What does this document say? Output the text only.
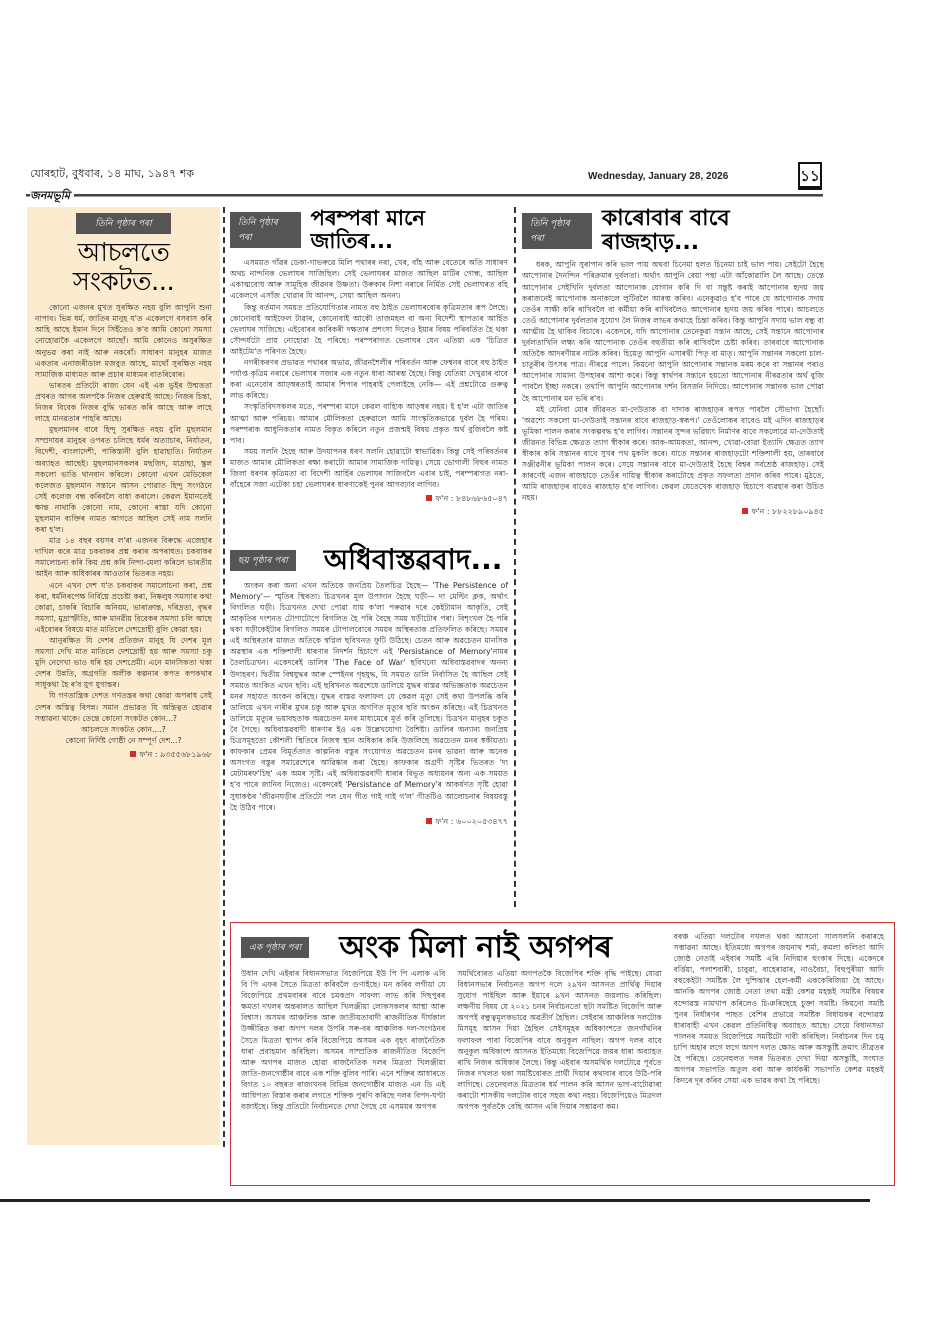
যোৰহাট, বুধবাৰ, ১৪ মাঘ, ১৯৪৭ শক	Wednesday, January 28, 2026	১১
জনমভূমি
তিনি পৃষ্ঠাৰ পৰা
আচলতে সংকটত...

কোনো এজনৰ মুখত সুৰক্ষিত নহয় বুলি আপুনি শুনা নাপাব। ভিন্ন ধৰ্ম, জাতিৰ মানুহ য'ত একেলগে বসবাস কৰি আহি আছে ইমান দিনে সিইঁতেও ক'ব আমি কোনো সমস্যা নোহোৱাকৈ একেলগে আছোঁ। আমি কোনেও অসুৰক্ষিত অনুভৱ কৰা নাই আৰু নকৰোঁ। সাধাৰণ মানুহৰ মাজত একতাৰ এনাজৰীডাল মজবুত আছে, মাথোঁ সুৰক্ষিত নহয় সামাজিক মাধ্যমত আৰু প্ৰচাৰ মাধ্যমৰ বাতৰিবোৰ।

ভাৰতৰ প্ৰতিটো ৰাজ্য যেন এই এক ভুইৰ উন্মত্ততা প্ৰখৰত আগৰ অলপকৈ নিজৰ হেৰুৱাই আছে। নিজৰ চিন্তা, নিজৰ বিবেক নিজৰ বুদ্ধি ভাৰত কৰি আছে আৰু লাহে লাহে মানৱতাৰ পাহৰি আছে।

মুছলমানৰ বাবে হিন্দু সুৰক্ষিত নহয় বুলি মুছলমান সম্প্ৰদায়ৰ মানুহৰ ওপৰত চলিছে ধৰ্মৰ অত্যাচাৰ, নিৰ্যাতন, বিদেশী, বাংলাদেশী, পাকিস্তানী বুলি হাৱাহাতি। নিৰ্যাতন অব্যাহত আছেই। মুছলমানসকলৰ মছজিদ, মাদ্ৰাছা, স্কুল সকলো ভাঙি থানবান কৰিলে। কোনো এখন মেডিকেল কলেজত মুছলমান সন্তানে আসন পোৱাত হিন্দু সংগঠনে সেই কলেজ বন্ধ কৰিবলৈ বাধা কৰালে। কেৱল ইমানতেই ক্ষান্ত নাথাকি কোনো নাম, কোনো ৰাস্তা যদি কোনো মুছলমান ব্যক্তিৰ নামত আগতে আছিল সেই নাম সলনি কৰা হ'ল।

মাত্ৰ ১৪ বছৰ বয়সৰ ল'ৰা এজনৰ বিৰুদ্ধে এজেহাৰ দাখিল কৰে মাত্ৰ চকবাকৰ প্ৰশ্ন কৰাৰ অপৰাধত। চকবাকৰ সমালোচনা কৰি কিয় প্ৰশ্ন কৰি নিন্দা-মেলা কৰিলে ভাৰতীয় আইন আৰু অধিকাৰৰ আওতাৰ ভিতৰত নহয়।

এনে এখন দেশ য'ত চকবাকৰ সমালোচনা কৰা, প্ৰশ্ন কৰা, ধৰ্মনিৰপেক্ষ নিৰ্বিঘ্নে প্ৰচেষ্টা কৰা, নিষ্কলুষ সমস্যাৰ কথা কোৱা, চাকৰি বিচাৰি অনিয়ম, ভাৰাক্ৰান্ত, দৰিদ্ৰতা, বৃদ্ধৰ সমস্যা, মুদ্ৰাস্ফীতি, আৰু মানৱীয় বিবেকৰ সমস্যা চলি আছে এইবোৰৰ বিষয়ে মাত মাতিলে দেশদ্ৰোহী বুলি কোৱা হয়।

আনুৰক্ষিত যি দেশৰ প্ৰতিজন মানুহ যি দেশৰ মূল সমস্যা দেখি মাত মাতিলে দেশদ্ৰোহী হয় আৰু সমস্যা চকু মুদি নেদেখা ভাও ধৰি হয় দেশপ্ৰেমী। এনে মানসিকতা থকা দেশৰ উন্নতি, অগ্ৰগতি অলীক কল্পনাৰ কপত কপকথাৰ সাধুকথা হৈ ৰ'ব যুগ যুগান্তৰ।

যি গণতান্ত্ৰিক দেশত গণতন্ত্ৰৰ কথা কোৱা অপৰাধ সেই দেশৰ অস্তিত্ব বিপন্ন। সমান প্ৰভাৱত যি অন্তিত্বত হোৱাৰ সম্ভাৱনা থাকে। তেন্তে কোনো সংকটত কোন...?

আচলতে সংকটত কোন....?

কোনো নিৰ্দিষ্ট গোষ্ঠী নে সম্পূৰ্ণ দেশ...?

ফ'ন : ৯৩৫৫৬৮১৯৬৮
তিনি পৃষ্ঠাৰ পৰা
পৰম্পৰা মানে জাতিৰ...

এসময়ত গাঁৱৰ ডেকা-গাভৰুৱে মিলি পথাৰৰ নৰা, খেৰ, বাঁহ আৰু বেতেৰে অতি সাধাৰণ অথচ নান্দনিক ভেলাঘৰ সাজিছিল। সেই ভেলাঘৰৰ মাজত আছিল মাটিৰ গোন্ধ, আছিল একাত্মবোধ আৰু সামূহিক জীৱনৰ উষ্ণতা। উৰুকাৰ নিশা নৰাৰে নিৰ্মিত সেই ভেলাঘৰত বহি একেলগে এসাঁজ খোৱাৰ যি আনন্দ, সেয়া আছিল অনন্য।

কিন্তু বৰ্তমান সময়ত প্ৰতিযোগিতাৰ নামত বহু ঠাইত ভেলাঘৰবোৰ কৃত্ৰিমতাৰ ৰূপ লৈছে। কোনোবাই আইফেল টাৱাৰ, কোনোবাই আকৌ তাজমহল বা অন্য বিদেশী স্থাপত্যৰ আৰ্হিত ভেলাঘৰ সাজিছে। এইবোৰৰ কাৰিকৰী দক্ষতাৰ প্ৰশংসা দিলেও ইয়াৰ বিষয় পৰিবৰ্তিত হৈ থকা সৌন্দৰ্যটো প্ৰায় নোহোৱা হৈ পৰিছে। পৰম্পৰাগত ভেলাঘৰ যেন এতিয়া এক 'চিত্ৰিত আইটেম'ত পৰিণত হৈছে।

নগৰীকৰণৰ প্ৰভাৱত পথাৰৰ অভাৱ, জীৱনশৈলীৰ পৰিবৰ্তন আৰু ফেশ্বনৰ বাবে বহু ঠাইত পৰ্যাপ্ত কৃত্ৰিম নৰাৰে ভেলাঘৰ সজাৰ এক নতুন ধাৰা আৰম্ভ হৈছে। কিন্তু যেতিয়া দেখুৱাৰ বাবে কৰা এনেবোৰ আড়ম্বৰতাই আমাৰ শিপাৰ পাহৰাই পেলাইছে নেকি— এই প্ৰশ্নটোৱে গুৰুত্ব লাভ কৰিছে।

সংস্কৃতিবিদসকলৰ মতে, পৰম্পৰা মানে কেৱল বাহ্যিক আড়ম্বৰ নহয়। ই হ'ল এটা জাতিৰ আত্মা আৰু পৰিচয়। আমাৰ মৌলিকতা হেৰুৱালে আমি সাংস্কৃতিকভাৱে দুৰ্বল হৈ পৰিম। পৰম্পৰাক আধুনিকতাৰ নামত বিকৃত কৰিলে নতুন প্ৰজন্মই বিষয় প্ৰকৃত অৰ্থ বুজিবলৈ কষ্ট পাব।

সময় সলনি হৈছে আৰু উদযাপনৰ ধৰণ সলনি হোৱাটো স্বাভাৱিক। কিন্তু সেই পৰিবৰ্তনৰ মাজত আমাৰ মৌলিকতা ৰক্ষা কৰাটো আমাৰ সামাজিক দায়িত্ব। সেয়ে ভোগালী বিহুৰ নামত জিলা ধৰণৰ কৃত্ৰিমতা বা বিদেশী আৰ্হিৰ ভেলাঘৰ সাজিবলৈ এবাৰ চাই, পৰম্পৰাগত নৰা-বাঁহেৰে সজা এটেকা চহা ভেলাঘৰৰ ধাৰণাকেই পুনৰ আগবঢ়াব লাগিব।

ফ'ন : ৮৪৮৬৮৬৫০৪৭
ছয় পৃষ্ঠাৰ পৰা অধিবাস্তৱবাদ...

অংকন কৰা অনা এখন অতিকে জনপ্ৰিয় তৈলচিত্ৰ হৈছে— 'The Persistence of Memory'— স্মৃতিৰ স্থিৰতা। চিত্ৰখনৰ মূল উপাদান হৈছে ঘড়ী— দা মেল্টিং ক্লক, অৰ্থাৎ বিগলিত ঘড়ী। চিত্ৰখনত দেখা পোৱা যায় ক'লা পৰুৱাৰ দৰে কেইটামান আকৃতি, সেই আকৃতিৰ দংশনত টোপাটোপে বিগলিত হৈ পৰি বৈছে সময় ঘড়ীটোৰ পৰা। বিশৃংখল হৈ পৰি থকা ঘড়ীকেইটাৰ বিগলিত সময়ৰ টোপালবোৰে সময়ৰ অস্থিৰতাক প্ৰতিফলিত কৰিছে। সময়ৰ এই অস্থিৰতাৰ মাজত অতিকে স্বপ্নিল ছবিখনত ফুটি উঠিছে। চেতন আৰু অৱচেতন মানসিক অৱস্থাৰ এক শক্তিশালী ধাৰণাৰ নিদৰ্শন হিচাপে এই 'Persistance of Memory'নামৰ তৈলচিত্ৰখন। একেদৰেই ডালিৰ 'The Face of War' ছবিখনো অধিবাস্তৱবাদৰ অনন্য উদাহৰণ। দ্বিতীয় বিশ্বযুদ্ধৰ আৰু স্পেইনৰ গৃহযুদ্ধ, যি সময়ত ডালি নিৰ্বাসিত হৈ আছিল সেই সময়ত অংকিত এখন ছবি। এই ছবিখনত অৱশেষে ডালিয়ে যুদ্ধৰ বাস্তৱ অভিজ্ঞতাক অৱচেতন মনৰ সহায়ত অংকন কৰিছে। যুদ্ধৰ বাস্তৱ ফলাফল যে কেৱল মৃত্যু সেই কথা উপলব্ধি কৰি ডালিয়ে এখন নাৰীৰ মুখৰ চকু আৰু মুখত অগণিত মৃত্যুৰ ছবি অংকন কৰিছে। এই চিত্ৰখনত ডালিয়ে মৃত্যুৰ ভয়াবহতাক অৱচেতন মনৰ মাধ্যমেৰে মূৰ্ত কৰি তুলিছে। চিত্ৰখন মানুহৰ চকুত বৈ গৈছে। অধিবাস্তৱবাদী ধাৰণাৰ ইও এক উল্লেখযোগ্য বৈশিষ্ট্য। ডালিৰ অন্যান্য জনপ্ৰিয় চিত্ৰসমূহতো কৌশলী স্থিতিৰে নিজস্ব স্থান অধিকাৰ কৰি উজলিছে অৱচেতন মনৰ স্বকীয়তা। কাফকাৰ প্ৰেমৰ বিমূৰ্ততাত কাল্পনিক বস্তুৰ সংযোগত অৱচেতন মনৰ ভাৱনা আৰু অনেক অসংগত বস্তুৰ সমাৱেশেৰে আৱিষ্কাৰ কৰা হৈছে। কাফকাৰ অগ্ৰণী সৃষ্টিৰ ভিতৰত 'দ্য মেটামৰফ'চিছ' এক অমৰ সৃষ্টি। এই অধিবাস্তৱবাদী ধাৰাৰ বিভূত অধ্যয়নৰ অন্য এক সময়ত হ'ব পাৰে জানিব নিজেও। একেদৰেই 'Persistance of Memory'ৰ আকৰ্ষণত সৃষ্টি হোৱা সুধাকণ্ঠৰ 'জীৱনঘড়ীৰ প্ৰতিটো পল যেন গীত গাই গাই গ'ল' গীতটিও আলোচনাৰ বিষয়বস্তু হৈ উঠিব পাৰে।

ফ'ন : ৬০০২০৫৩৪৭৭
তিনি পৃষ্ঠাৰ পৰা
কাৰোবাৰ বাবে ৰাজহাড়...

ধৰক, আপুনি সুৰাপান কৰি ভাল পায় অথবা চিনেমা হলত চিনেমা চাই ভাল পায়। সেইটো হৈছে আপোনাৰ দৈনন্দিন পৰিক্ৰমাৰ দুৰ্বলতা। অৰ্থাৎ আপুনি বেয়া পন্থা এটা আঁকোৱালি লৈ আছে। তেন্তে আপোনাৰ সেইখিনি দুৰ্বলতা আপোনাক যোগান কৰি দি বা সন্তুষ্ট কৰাই আপোনাৰ হৃদয় জয় কৰাজনেই আপোনাক অনাকালে লুটিবলৈ আৰম্ভ কৰিব। এনেকুৱাও হ'ব পাৰে যে আপোনাক সদায় তেওঁৰ সাক্ষী কৰি ৰাখিবলৈ বা কৰ্মীয়া কৰি ৰাখিবলৈও আপোনাৰ হৃদয় জয় কৰিব পাৰে। আচলতে তেওঁ আপোনাৰ দুৰ্বলতাৰ সুযোগ লৈ নিজৰ লাভৰ কথাহে চিন্তা কৰিব। কিন্তু আপুনি সদায় ভাল বন্ধু বা আত্মীয় হৈ থাকিব বিচাৰে। একেদৰে, যদি আপোনাৰ তেনেকুৱা সন্তান আছে, সেই সন্তানে আপোনাৰ দুৰ্বলতাখিনি লক্ষ্য কৰি আপোনাক তেওঁৰ বহুতীয়া কৰি ৰাখিবলৈ চেষ্টা কৰিব। তাৰবাবে আপোনাক অতিকৈ আদৰণীয়ৰ নাটক কৰিব। হিয়েতু আপুনি এসাৰথী পিতৃ বা মাতৃ। আপুনি সন্তানৰ সকলো চাল-চাতুৰীৰ উৎসৰ পাত্ৰ। নীৰৱে পালে। কিয়নো আপুনি আপোনাৰ সন্তানক মৰম কৰে বা সন্তানৰ পৰাও আপোনাৰ সামান্য উপহাৰৰ আশা কৰে। কিন্তু স্বাৰ্থপৰ সন্তানে হয়তো আপোনাৰ নীৰৱতাৰ অৰ্থ বুজি পাবলৈ ইচ্ছা নকৰে। তথাপি আপুনি আপোনাৰ দৰ্শন বিসৰ্জন নিদিয়ে। আপোনাৰ সন্তানক ভাল পোৱা হৈ আপোনাৰ মন ভৰি ৰ'ব।

মই যেনিবা মোৰ জীৱনত মা-দেউতাক বা দাদাক ৰাজহাড়ৰ ৰূপত পাবলৈ সৌভাগ্য হৈছোঁ। 'অৱশ্যে সকলো মা-দেউতাই সন্তানৰ বাবে ৰাজহাড়-স্বৰূপ।' তেওঁলোকৰ বাবেও মই এদিন ৰাজহাড়ৰ ভূমিকা পালন কৰাৰ সংকল্পবদ্ধ হ'ব লাগিব। সন্তানৰ সুন্দৰ ভৱিষ্যৎ নিৰ্মাণৰ বাবে সকলোৱে মা-দেউতাই জীৱনত বিভিন্ন ক্ষেত্ৰত ত্যাগ স্বীকাৰ কৰে। আক-আমকতা, আনন্দ, খোৱা-বোৱা ইত্যাদি ক্ষেত্ৰত ত্যাগ স্বীকাৰ কৰি সন্তানৰ বাবে সুখৰ পথ মুকলি কৰে। যাতে সন্তানৰ ৰাজহাড়টো শক্তিশালী হয়, তাৰবাবে সঞ্জীৱনীৰ ভূমিকা পালন কৰে। সেয়ে সন্তানৰ বাবে মা-দেউতাই হৈছে বিশ্বৰ সৰ্বশ্ৰেষ্ঠ ৰাজহাড়। সেই কাৰণেই এজন ৰাজহাড়ে তেওঁৰ দায়িত্ব স্বীকাৰ কৰাটোহে প্ৰকৃত সফলতা প্ৰদান কৰিব পাৰে। মুঠতে, আমি ৰাজহাড়ৰ বাবেও ৰাজহাড় হ'ব লাগিব। কেৱল যেতেখেক ৰাজহাড় হিচাপে ব্যৱহাৰ কৰা উচিত নহয়।

ফ'ন : ৮৮২২৮৯০৯৪৫
এক পৃষ্ঠাৰ পৰা অংক মিলা নাই অগপৰ
উধান দেখি এইবাৰ বিধানসভাত বিজেপিয়ে ইউ পি পি এলাক এবি বি পি এফৰ সৈতে মিত্ৰতা কৰিবলৈ গুণাইছে। মন কৰিব লগীয়া যে বিজেপিয়ে প্ৰথমবাৰৰ বাবে চমকপ্ৰদ সাফল্য লাভ কৰি দিছপুৰৰ ক্ষমতা দখলৰ অন্তৰালত আছিল খিলঞ্জীয়া লোকসকলৰ আস্থা আৰু বিশ্বাস। অসমৰ আঞ্চলিক আৰু জাতীয়তাবাদী ৰাজনীতিক দীৰ্ঘকাল উজ্জীৱিত কৰা অগপ দলৰ উপৰি সৰু-বৰ আঞ্চলিক দল-সংগঠনৰ সৈতে মিত্ৰতা স্থাপন কৰি বিজেপিয়ে অসমৰ এক বৃহৎ ৰাজনৈতিক ধাৰা প্ৰবাহমান কৰিছিল। অসমৰ সাম্প্ৰতিক ৰাজনীতিত বিজেপি আৰু অগপৰ মাজত হোৱা ৰাজনৈতিক দলৰ মিত্ৰতা খিলঞ্জীয়া জাতি-জনগোষ্ঠীৰ বাবে এক শক্তি বুলিব পাৰি। এনে শক্তিৰ আধাৰতে বিগত ১০ বছৰত ৰাজ্যখনৰ বিভিন্ন জনগোষ্ঠীৰ মাজত এন ডি এই আধিপত্য বিস্তাৰ কৰাৰ লগতে শক্তিক পুৰণি কৰিছে দলৰ বিপদ-ঘণ্টা বজাইছে। কিন্তু প্ৰতিটো নিৰ্বাচনতে দেখা গৈছে যে এসময়ৰ অগপৰ
সমৰ্থিবোৰত এতিয়া অগপতকৈ বিজেপিৰ শক্তি বৃদ্ধি পাইছে। যোৱা বিধানসভাৰ নিৰ্বাচনত অগপ দলে ২৯খন আসনত প্ৰাৰ্থিত্ব দিয়াৰ সুযোগ পাইছিল আৰু ইয়াৰে ৯খন আসনত জয়লাভ কৰিছিল। লক্ষণীয় বিষয় যে ২০২১ চনৰ নিৰ্বাচনতো ছটা সমষ্টিত বিজেপি আৰু অগপই বন্ধুত্বমূলকভাৱে অৱতীৰ্ণ হৈছিল। সেইবাৰ আঞ্চলিক দলটোক মিসমূহ আসন দিয়া হৈছিল সেইসমূহৰ অধিকাংশতে জনগাঁথনিৰ ফলাফল পাবা বিজেপিৰ বাবে অনুকূল নাছিল। অগপ দলৰ বাবে অনুকূল অধিকাংশ আসনত ইতিমধ্যে বিজেপিয়ে জয়ৰ ধাৰা অব্যাহত ৰাখি নিজৰ অধিকাৰ লৈছে। কিন্তু এইবাৰ অসমৰ্থিক দলটোৱে পূৰ্বতে নিজৰ দখলত থকা সমষ্টিবোৰত প্ৰাৰ্থী দিয়াৰ কথাবাৰ বাবে উঠি-পৰি লাগিছে। তেনেহুলত মিত্ৰতাৰ ধৰ্ম পালন কৰি আসন ভাগ-বাটোৱাৰা কৰাটো শাসকীয় দলটোৰ বাবে সহজ কথা নহয়। বিজেপিয়েও মিত্ৰদল অগপক পূৰ্বতকৈ বেছি আসন এৰি দিয়াৰ সম্ভাৱনা কম।
বৰঞ্চ এতিয়া দলটোৰ দখলত থকা আসনো সালসলনি কৰাৰহে সম্ভাৱনা আছে। ইতিমধ্যে অগপৰ জয়নাথ শৰ্মা, কমলা কলিতা আদি জ্যেষ্ঠ নেতাই এইবাৰ সমষ্টি এৰি নিদিয়াৰ হুংকাৰ দিছে। একেদৰে বৰ্ত্তিয়া, পলাশবাৰী, চাবুৱা, বাহেৰাৱাৰ, নাওবৈচা, বিহুপুৰীয়া আদি বহুকেইটা সমষ্টিক লৈ দুশ্চিন্তাৰ হেল-কৰ্মী এককেৰিজিয়া হৈ আছে। আনকি অগপৰ জোষ্ঠ নেতা তথা মন্ত্ৰী কেশৱ মহন্তই সমষ্টিৰ বিষয়ৰ বন্দোৱস্ত নামখাপ কৰিলেও চিঞৰিছেহে চুক্তা সমষ্টি। কিয়নো সমষ্টি পুনৰ নিৰ্ধাৰণৰ পাছত বেশিৰ প্ৰভাৱে সমষ্টিক বিধায়কৰ বন্দোৱস্ত ধাৰাবাহী এখন কেৱল প্ৰতিনিধিত্ব অব্যাহত আছে। সেয়ে বিধানসভা পালনৰ সময়ত বিজেপিয়ে সমষ্টিটো দাবী কৰিছিল। নিৰ্বাচনৰ দিন চমু চাপি অহাৰ লগে লগে অগপ দলত ক্ষোভ আৰু অসন্তুষ্টি ক্ৰমাৎ তীব্ৰতৰ হৈ পৰিছে। তেনেহুলত দলৰ ভিতৰত দেখা দিয়া অসন্তুষ্টি, সংঘাত অগপৰ সভাপতি অতুল বৰা আৰু কাৰ্যকৰী সভাপতি কেশৱ মহন্তই কিদৰে দূৰ কৰিব সেয়া এক ভাৱৰ কথা হৈ পৰিছে।
